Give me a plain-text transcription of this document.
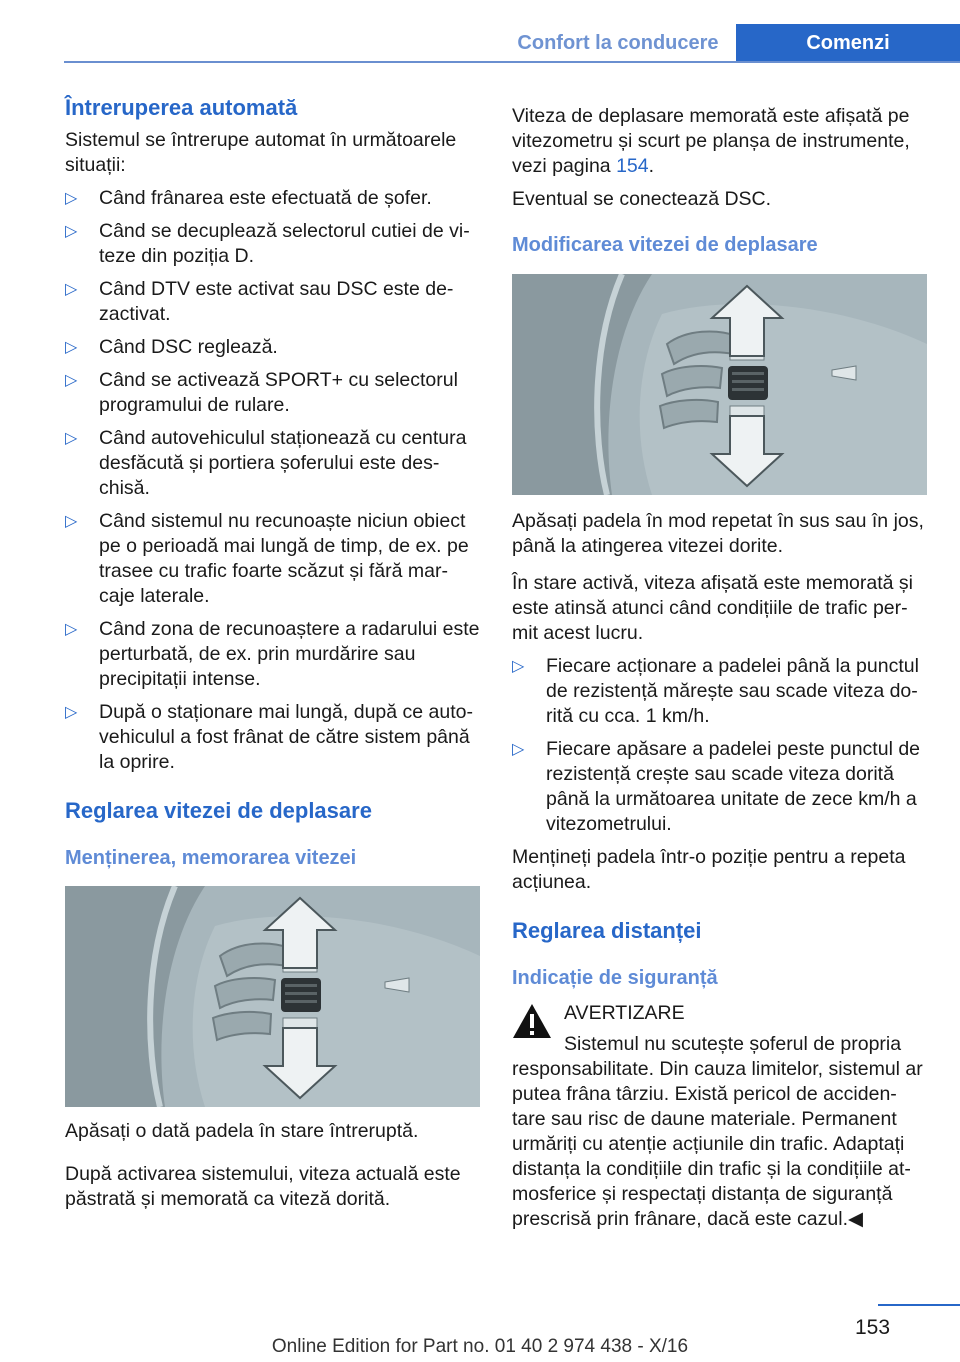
Confort la conducere	Comenzi
Întreruperea automată

Sistemul se întrerupe automat în următoarele situații:

▷ Când frânarea este efectuată de șofer.
▷ Când se decuplează selectorul cutiei de vi-teze din poziția D.
▷ Când DTV este activat sau DSC este de-zactivat.
▷ Când DSC reglează.
▷ Când se activează SPORT+ cu selectorul programului de rulare.
▷ Când autovehiculul staționează cu centura desfăcută și portiera șoferului este des-chisă.
▷ Când sistemul nu recunoaște niciun obiect pe o perioadă mai lungă de timp, de ex. pe trasee cu trafic foarte scăzut și fără mar-caje laterale.
▷ Când zona de recunoaștere a radarului este perturbată, de ex. prin murdărire sau precipitații intense.
▷ După o staționare mai lungă, după ce auto-vehiculul a fost frânat de către sistem până la oprire.
Reglarea vitezei de deplasare
Menținerea, memorarea vitezei

Apăsați o dată padela în stare întreruptă.

După activarea sistemului, viteza actuală este păstrată și memorată ca viteză dorită.

Viteza de deplasare memorată este afișată pe vitezometru și scurt pe planșa de instrumente, vezi pagina 154.

Eventual se conectează DSC.

Modificarea vitezei de deplasare

Apăsați padela în mod repetat în sus sau în jos, până la atingerea vitezei dorite.

În stare activă, viteza afișată este memorată și este atinsă atunci când condițiile de trafic per-mit acest lucru.

▷ Fiecare acționare a padelei până la punctul de rezistență mărește sau scade viteza do-rită cu cca. 1 km/h.
▷ Fiecare apăsare a padelei peste punctul de rezistență crește sau scade viteza dorită până la următoarea unitate de zece km/h a vitezometrului.

Mențineți padela într-o poziție pentru a repeta acțiunea.

Reglarea distanței
Indicație de siguranță

AVERTIZARE

Sistemul nu scutește șoferul de propria responsabilitate. Din cauza limitelor, sistemul ar putea frâna târziu. Există pericol de acciden-tare sau risc de daune materiale. Permanent urmăriți cu atenție acțiunile din trafic. Adaptați distanța la condițiile din trafic și la condițiile at-mosferice și respectați distanța de siguranță prescrisă prin frânare, dacă este cazul.◀

153
Online Edition for Part no. 01 40 2 974 438 - X/16
